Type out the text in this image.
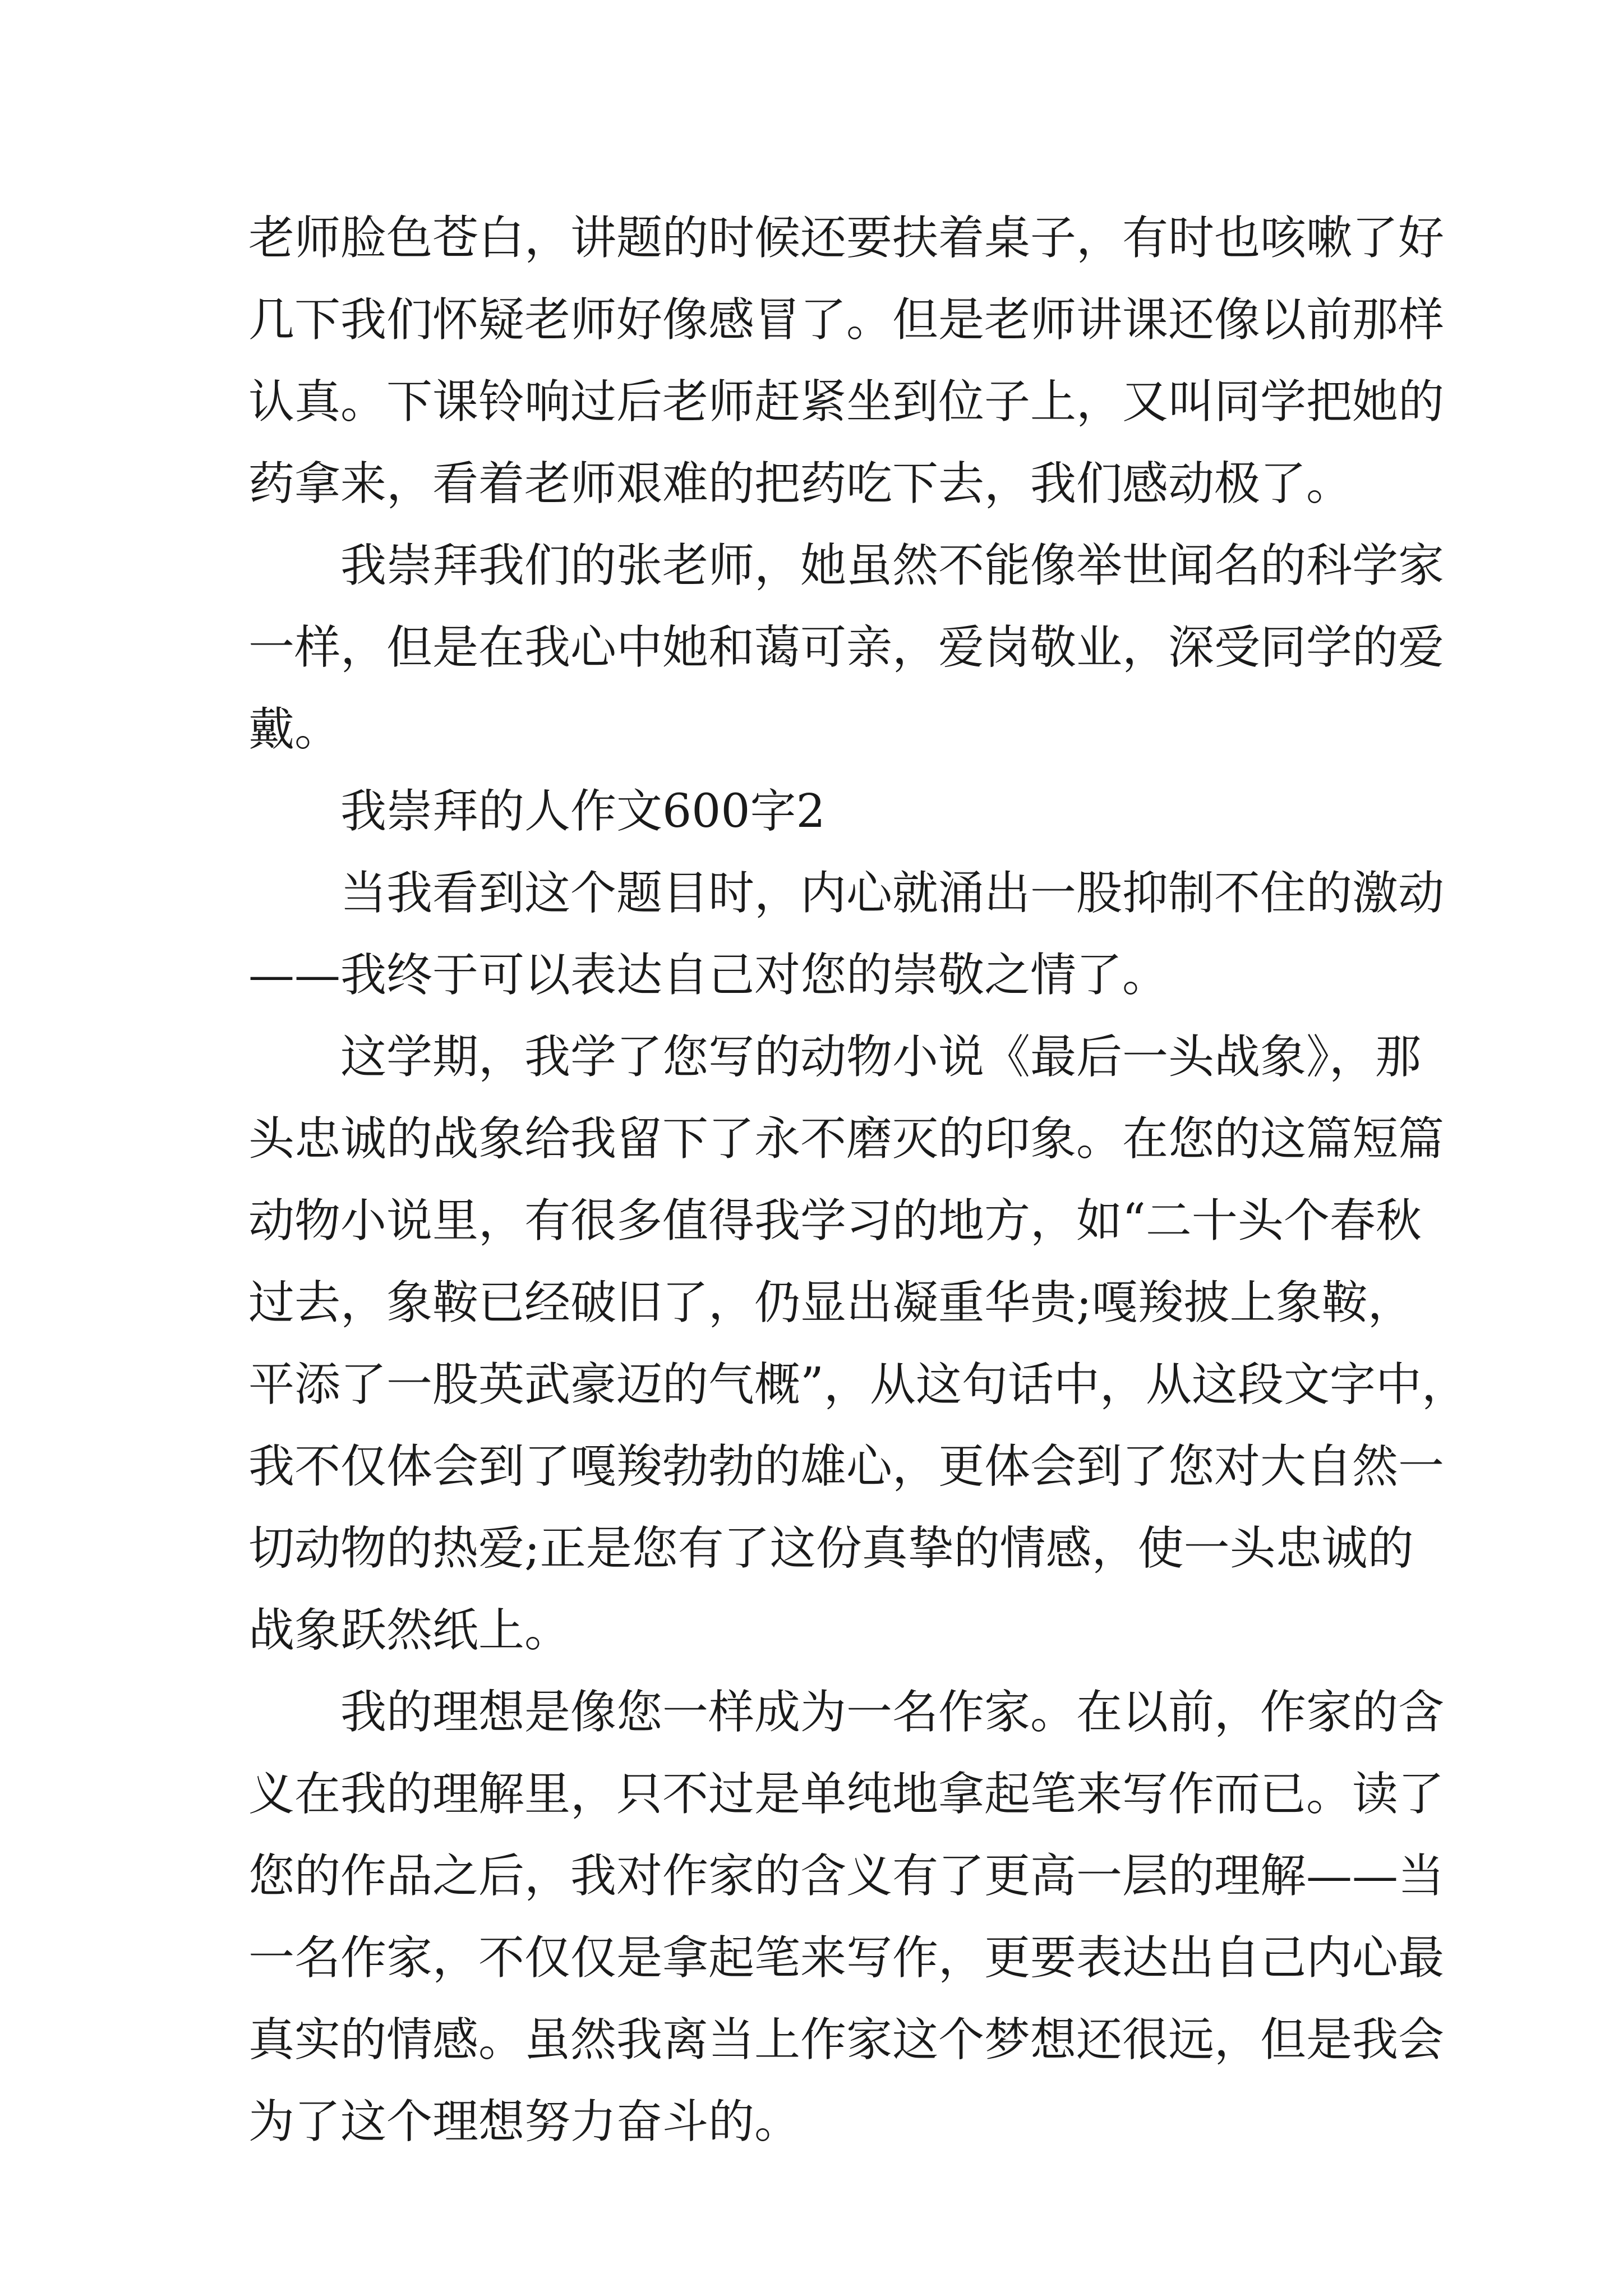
老师脸色苍白，讲题的时候还要扶着桌子，有时也咳嗽了好
几下我们怀疑老师好像感冒了。但是老师讲课还像以前那样
认真。下课铃响过后老师赶紧坐到位子上，又叫同学把她的
药拿来，看着老师艰难的把药吃下去，我们感动极了。
　　我崇拜我们的张老师，她虽然不能像举世闻名的科学家
一样，但是在我心中她和蔼可亲，爱岗敬业，深受同学的爱
戴。
　　我崇拜的人作文600字2
　　当我看到这个题目时，内心就涌出一股抑制不住的激动
——我终于可以表达自己对您的崇敬之情了。
　　这学期，我学了您写的动物小说《最后一头战象》，那
头忠诚的战象给我留下了永不磨灭的印象。在您的这篇短篇
动物小说里，有很多值得我学习的地方，如“二十头个春秋
过去，象鞍已经破旧了，仍显出凝重华贵;嘎羧披上象鞍，
平添了一股英武豪迈的气概”，从这句话中，从这段文字中，
我不仅体会到了嘎羧勃勃的雄心，更体会到了您对大自然一
切动物的热爱;正是您有了这份真挚的情感，使一头忠诚的
战象跃然纸上。
　　我的理想是像您一样成为一名作家。在以前，作家的含
义在我的理解里，只不过是单纯地拿起笔来写作而已。读了
您的作品之后，我对作家的含义有了更高一层的理解——当
一名作家，不仅仅是拿起笔来写作，更要表达出自己内心最
真实的情感。虽然我离当上作家这个梦想还很远，但是我会
为了这个理想努力奋斗的。
